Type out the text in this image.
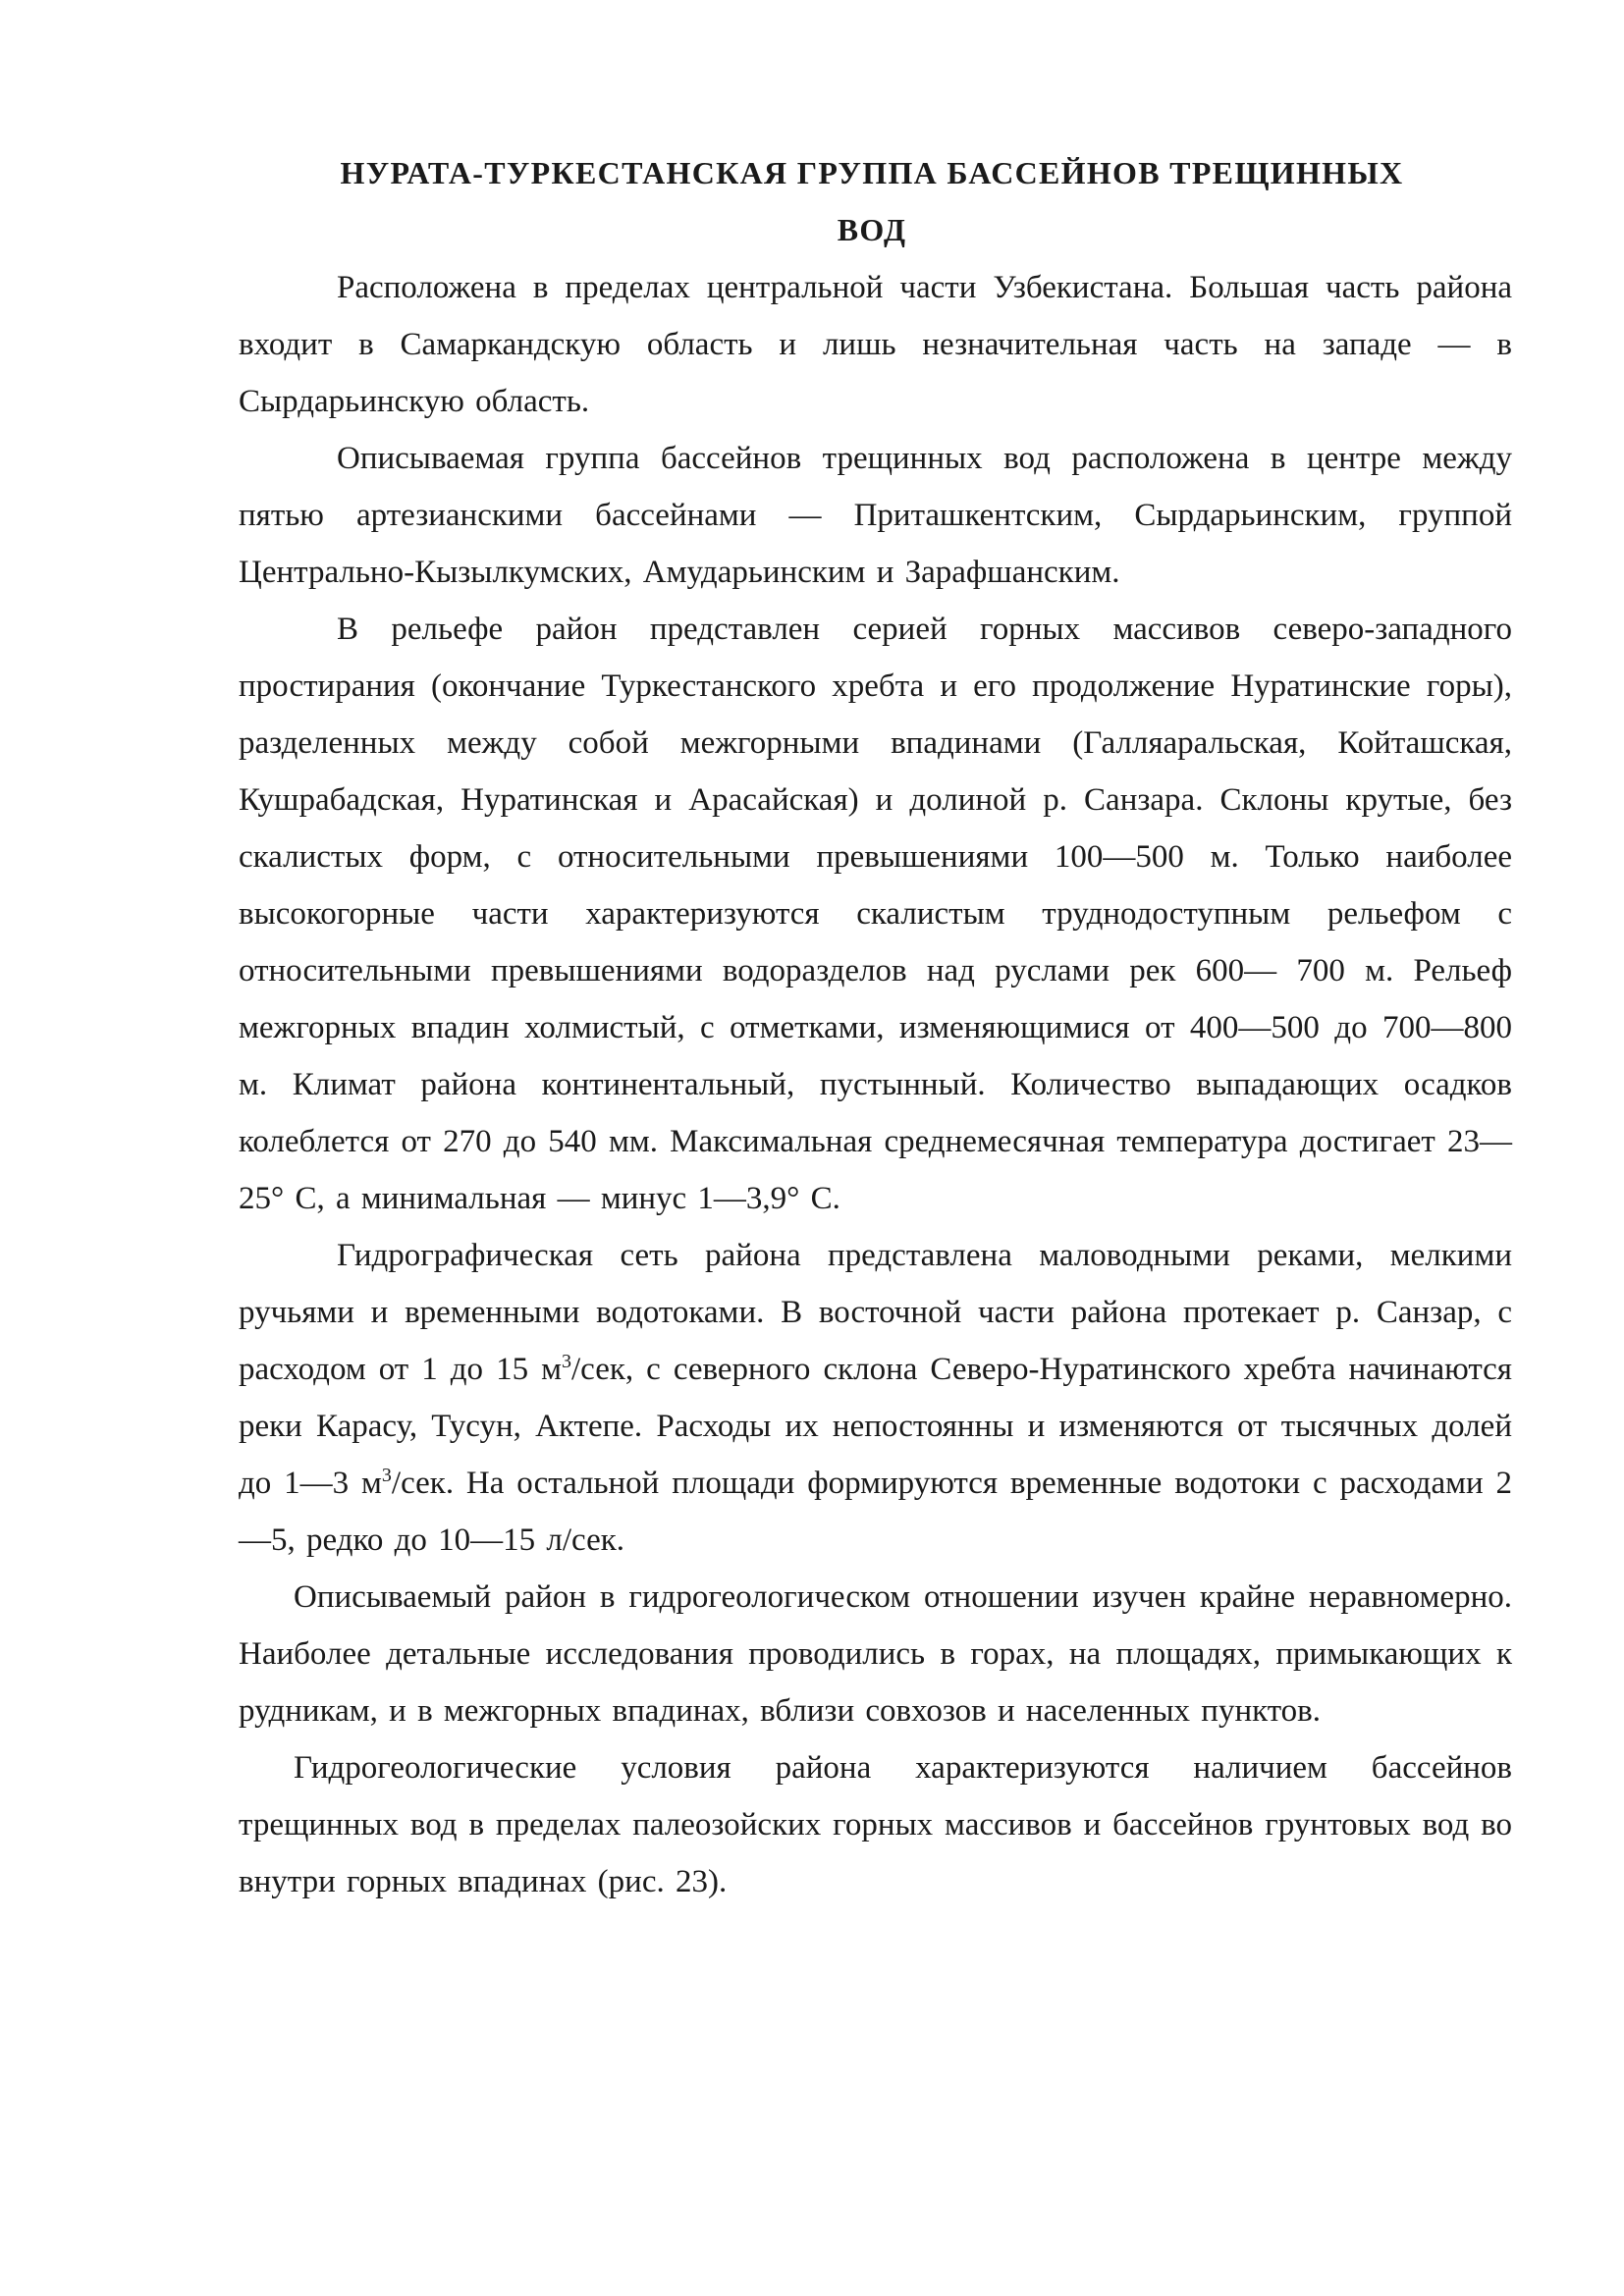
НУРАТА-ТУРКЕСТАНСКАЯ ГРУППА БАССЕЙНОВ ТРЕЩИННЫХ
ВОД

Расположена в пределах центральной части Узбекистана. Большая часть района входит в Самаркандскую область и лишь незначительная часть на западе — в Сырдарьинскую область.

Описываемая группа бассейнов трещинных вод расположена в центре между пятью артезианскими бассейнами — Приташкентским, Сырдарьинским, группой Центрально-Кызылкумских, Амударьинским и Зарафшанским.

В рельефе район представлен серией горных массивов северо-западного простирания (окончание Туркестанского хребта и его продолжение Нуратинские горы), разделенных между собой межгорными впадинами (Галляаральская, Койташская, Кушрабадская, Нуратинская и Арасайская) и долиной р. Санзара. Склоны крутые, без скалистых форм, с относительными превышениями 100—500 м. Только наиболее высокогорные части характеризуются скалистым труднодоступным рельефом с относительными превышениями водоразделов над руслами рек 600— 700 м. Рельеф межгорных впадин холмистый, с отметками, изменяющимися от 400—500 до 700—800 м. Климат района континентальный, пустынный. Количество выпадающих осадков колеблется от 270 до 540 мм. Максимальная среднемесячная температура достигает 23— 25° С, а минимальная — минус 1—3,9° С.

Гидрографическая сеть района представлена маловодными реками, мелкими ручьями и временными водотоками. В восточной части района протекает р. Санзар, с расходом от 1 до 15 $м^3$/сек, с северного склона Северо-Нуратинского хребта начинаются реки Карасу, Тусун, Актепе. Расходы их непостоянны и изменяются от тысячных долей до 1—3 $м^3$/сек. На остальной площади формируются временные водотоки с расходами 2—5, редко до 10—15 л/сек.

Описываемый район в гидрогеологическом отношении изучен крайне неравномерно. Наиболее детальные исследования проводились в горах, на площадях, примыкающих к рудникам, и в межгорных впадинах, вблизи совхозов и населенных пунктов.

Гидрогеологические условия района характеризуются наличием бассейнов трещинных вод в пределах палеозойских горных массивов и бассейнов грунтовых вод во внутри горных впадинах (рис. 23).
